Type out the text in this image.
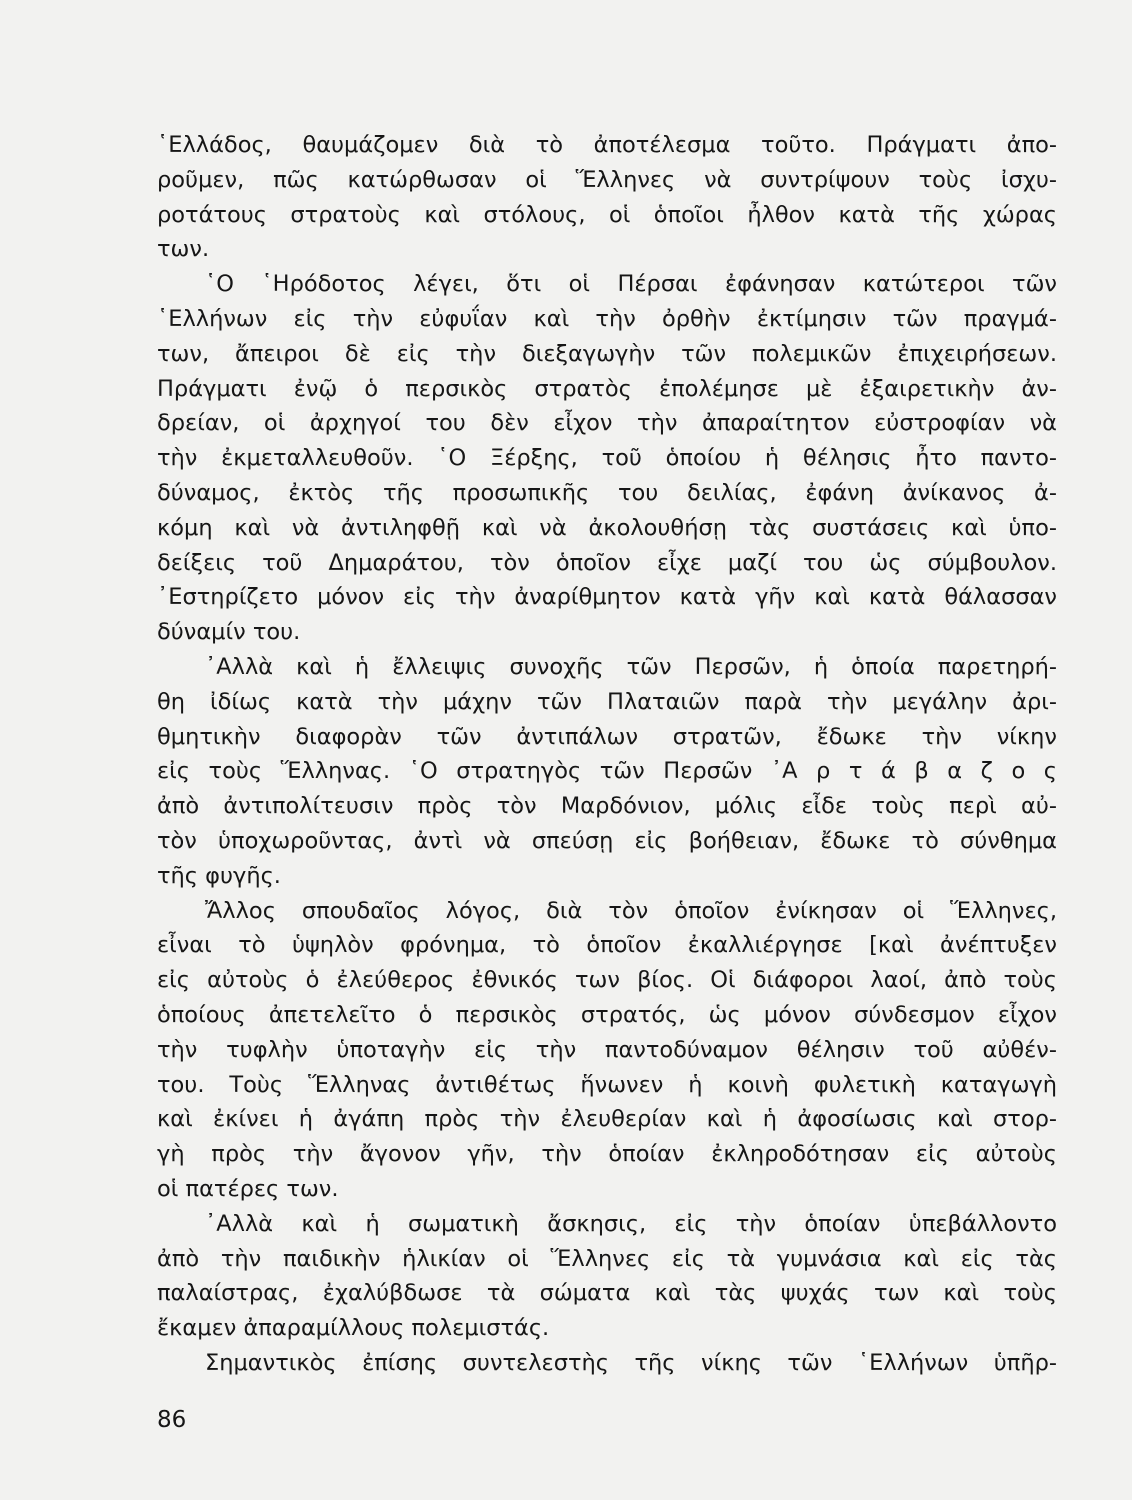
῾Ελλάδος, θαυμάζομεν διὰ τὸ ἀποτέλεσμα τοῦτο. Πράγματι ἀπο-
ροῦμεν, πῶς κατώρθωσαν οἱ Ἕλληνες νὰ συντρίψουν τοὺς ἰσχυ-
ροτάτους στρατοὺς καὶ στόλους, οἱ ὁποῖοι ἦλθον κατὰ τῆς χώρας
των.
῾Ο ῾Ηρόδοτος λέγει, ὅτι οἱ Πέρσαι ἐφάνησαν κατώτεροι τῶν
῾Ελλήνων εἰς τὴν εὐφυΐαν καὶ τὴν ὀρθὴν ἐκτίμησιν τῶν πραγμά-
των, ἄπειροι δὲ εἰς τὴν διεξαγωγὴν τῶν πολεμικῶν ἐπιχειρήσεων.
Πράγματι ἐνῷ ὁ περσικὸς στρατὸς ἐπολέμησε μὲ ἐξαιρετικὴν ἀν-
δρείαν, οἱ ἀρχηγοί του δὲν εἶχον τὴν ἀπαραίτητον εὐστροφίαν νὰ
τὴν ἐκμεταλλευθοῦν. ῾Ο Ξέρξης, τοῦ ὁποίου ἡ θέλησις ἦτο παντο-
δύναμος, ἐκτὸς τῆς προσωπικῆς του δειλίας, ἐφάνη ἀνίκανος ἀ-
κόμη καὶ νὰ ἀντιληφθῇ καὶ νὰ ἀκολουθήσῃ τὰς συστάσεις καὶ ὑπο-
δείξεις τοῦ Δημαράτου, τὸν ὁποῖον εἶχε μαζί του ὡς σύμβουλον.
᾿Εστηρίζετο μόνον εἰς τὴν ἀναρίθμητον κατὰ γῆν καὶ κατὰ θάλασσαν
δύναμίν του.
᾿Αλλὰ καὶ ἡ ἔλλειψις συνοχῆς τῶν Περσῶν, ἡ ὁποία παρετηρή-
θη ἰδίως κατὰ τὴν μάχην τῶν Πλαταιῶν παρὰ τὴν μεγάλην ἀρι-
θμητικὴν διαφορὰν τῶν ἀντιπάλων στρατῶν, ἔδωκε τὴν νίκην
εἰς τοὺς Ἕλληνας. ῾Ο στρατηγὸς τῶν Περσῶν ᾿Α ρ τ ά β α ζ ο ς
ἀπὸ ἀντιπολίτευσιν πρὸς τὸν Μαρδόνιον, μόλις εἶδε τοὺς περὶ αὐ-
τὸν ὑποχωροῦντας, ἀντὶ νὰ σπεύσῃ εἰς βοήθειαν, ἔδωκε τὸ σύνθημα
τῆς φυγῆς.
Ἄλλος σπουδαῖος λόγος, διὰ τὸν ὁποῖον ἐνίκησαν οἱ Ἕλληνες,
εἶναι τὸ ὑψηλὸν φρόνημα, τὸ ὁποῖον ἐκαλλιέργησε [καὶ ἀνέπτυξεν
εἰς αὐτοὺς ὁ ἐλεύθερος ἐθνικός των βίος. Οἱ διάφοροι λαοί, ἀπὸ τοὺς
ὁποίους ἀπετελεῖτο ὁ περσικὸς στρατός, ὡς μόνον σύνδεσμον εἶχον
τὴν τυφλὴν ὑποταγὴν εἰς τὴν παντοδύναμον θέλησιν τοῦ αὐθέν-
του. Τοὺς Ἕλληνας ἀντιθέτως ἥνωνεν ἡ κοινὴ φυλετικὴ καταγωγὴ
καὶ ἐκίνει ἡ ἀγάπη πρὸς τὴν ἐλευθερίαν καὶ ἡ ἀφοσίωσις καὶ στορ-
γὴ πρὸς τὴν ἄγονον γῆν, τὴν ὁποίαν ἐκληροδότησαν εἰς αὐτοὺς
οἱ πατέρες των.
᾿Αλλὰ καὶ ἡ σωματικὴ ἄσκησις, εἰς τὴν ὁποίαν ὑπεβάλλοντο
ἀπὸ τὴν παιδικὴν ἡλικίαν οἱ Ἕλληνες εἰς τὰ γυμνάσια καὶ εἰς τὰς
παλαίστρας, ἐχαλύβδωσε τὰ σώματα καὶ τὰς ψυχάς των καὶ τοὺς
ἔκαμεν ἀπαραμίλλους πολεμιστάς.
Σημαντικὸς ἐπίσης συντελεστὴς τῆς νίκης τῶν ῾Ελλήνων ὑπῆρ-
86
